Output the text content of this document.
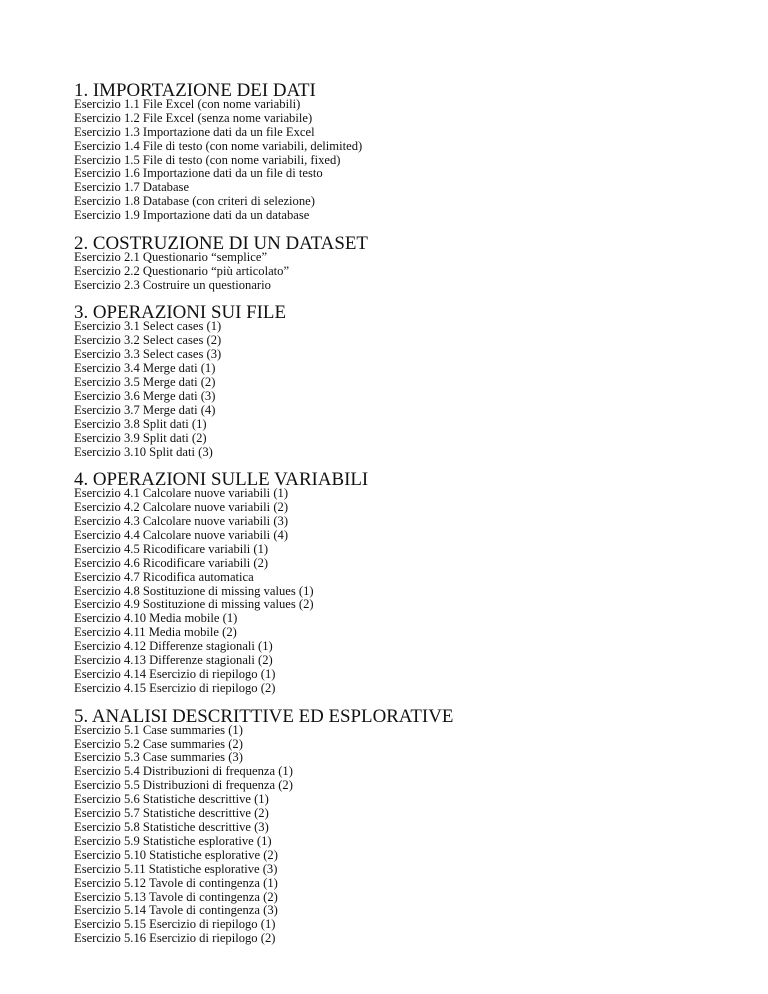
1. IMPORTAZIONE DEI DATI
Esercizio 1.1 File Excel (con nome variabili)
Esercizio 1.2 File Excel (senza nome variabile)
Esercizio 1.3 Importazione dati da un file Excel
Esercizio 1.4 File di testo (con nome variabili, delimited)
Esercizio 1.5 File di testo (con nome variabili, fixed)
Esercizio 1.6 Importazione dati da un file di testo
Esercizio 1.7 Database
Esercizio 1.8 Database (con criteri di selezione)
Esercizio 1.9 Importazione dati da un database
2. COSTRUZIONE DI UN DATASET
Esercizio 2.1 Questionario “semplice”
Esercizio 2.2 Questionario “più articolato”
Esercizio 2.3 Costruire un questionario
3. OPERAZIONI SUI FILE
Esercizio 3.1 Select cases (1)
Esercizio 3.2 Select cases (2)
Esercizio 3.3 Select cases (3)
Esercizio 3.4 Merge dati (1)
Esercizio 3.5 Merge dati (2)
Esercizio 3.6 Merge dati (3)
Esercizio 3.7 Merge dati (4)
Esercizio 3.8 Split dati (1)
Esercizio 3.9 Split dati (2)
Esercizio 3.10 Split dati (3)
4. OPERAZIONI SULLE VARIABILI
Esercizio 4.1 Calcolare nuove variabili (1)
Esercizio 4.2 Calcolare nuove variabili (2)
Esercizio 4.3 Calcolare nuove variabili (3)
Esercizio 4.4 Calcolare nuove variabili (4)
Esercizio 4.5 Ricodificare variabili (1)
Esercizio 4.6 Ricodificare variabili (2)
Esercizio 4.7 Ricodifica automatica
Esercizio 4.8 Sostituzione di missing values (1)
Esercizio 4.9 Sostituzione di missing values (2)
Esercizio 4.10 Media mobile (1)
Esercizio 4.11 Media mobile (2)
Esercizio 4.12 Differenze stagionali (1)
Esercizio 4.13 Differenze stagionali (2)
Esercizio 4.14 Esercizio di riepilogo (1)
Esercizio 4.15 Esercizio di riepilogo (2)
5. ANALISI DESCRITTIVE ED ESPLORATIVE
Esercizio 5.1 Case summaries (1)
Esercizio 5.2 Case summaries (2)
Esercizio 5.3 Case summaries (3)
Esercizio 5.4 Distribuzioni di frequenza (1)
Esercizio 5.5 Distribuzioni di frequenza (2)
Esercizio 5.6 Statistiche descrittive (1)
Esercizio 5.7 Statistiche descrittive (2)
Esercizio 5.8 Statistiche descrittive (3)
Esercizio 5.9 Statistiche esplorative (1)
Esercizio 5.10 Statistiche esplorative (2)
Esercizio 5.11 Statistiche esplorative (3)
Esercizio 5.12 Tavole di contingenza (1)
Esercizio 5.13 Tavole di contingenza (2)
Esercizio 5.14 Tavole di contingenza (3)
Esercizio 5.15 Esercizio di riepilogo (1)
Esercizio 5.16 Esercizio di riepilogo (2)
